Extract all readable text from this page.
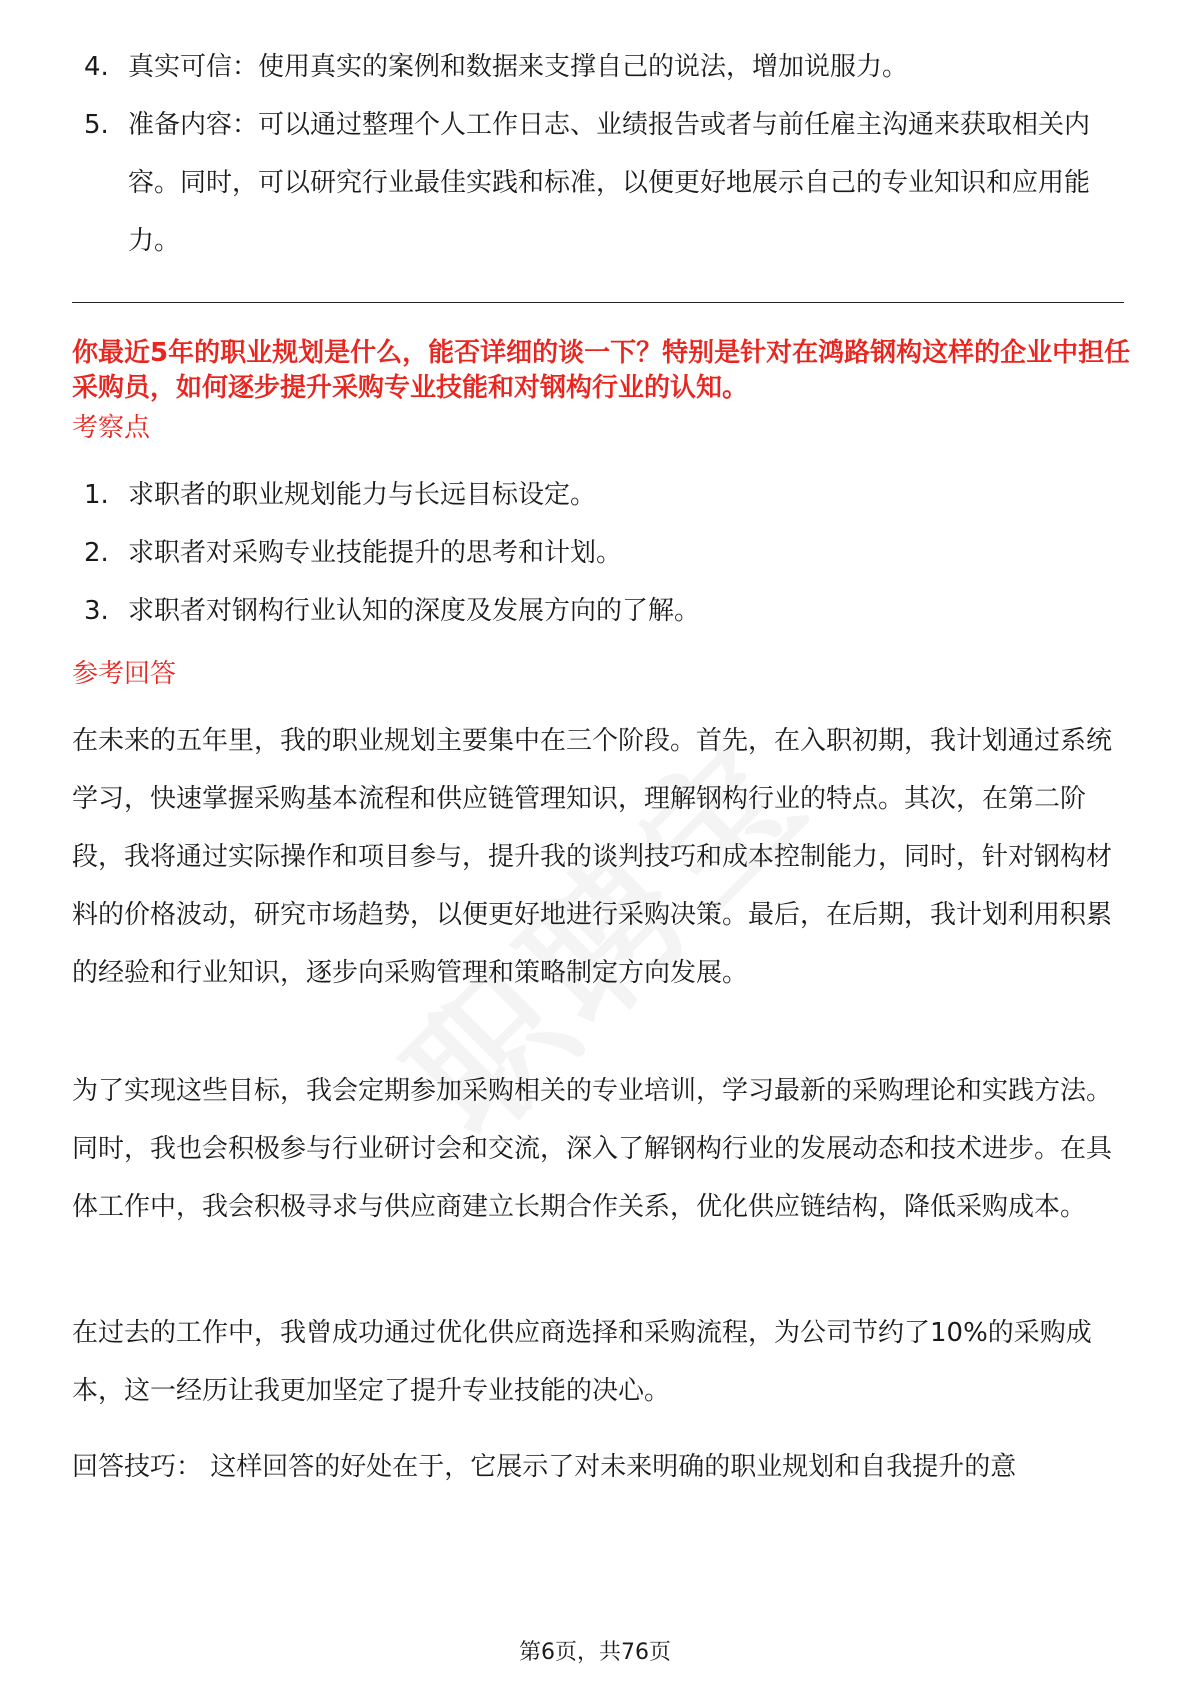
4. 真实可信：使用真实的案例和数据来支撑自己的说法，增加说服力。
5. 准备内容：可以通过整理个人工作日志、业绩报告或者与前任雇主沟通来获取相关内容。同时，可以研究行业最佳实践和标准，以便更好地展示自己的专业知识和应用能力。
你最近5年的职业规划是什么，能否详细的谈一下？特别是针对在鸿路钢构这样的企业中担任采购员，如何逐步提升采购专业技能和对钢构行业的认知。
考察点
1. 求职者的职业规划能力与长远目标设定。
2. 求职者对采购专业技能提升的思考和计划。
3. 求职者对钢构行业认知的深度及发展方向的了解。
参考回答
在未来的五年里，我的职业规划主要集中在三个阶段。首先，在入职初期，我计划通过系统学习，快速掌握采购基本流程和供应链管理知识，理解钢构行业的特点。其次，在第二阶段，我将通过实际操作和项目参与，提升我的谈判技巧和成本控制能力，同时，针对钢构材料的价格波动，研究市场趋势，以便更好地进行采购决策。最后，在后期，我计划利用积累的经验和行业知识，逐步向采购管理和策略制定方向发展。
为了实现这些目标，我会定期参加采购相关的专业培训，学习最新的采购理论和实践方法。同时，我也会积极参与行业研讨会和交流，深入了解钢构行业的发展动态和技术进步。在具体工作中，我会积极寻求与供应商建立长期合作关系，优化供应链结构，降低采购成本。
在过去的工作中，我曾成功通过优化供应商选择和采购流程，为公司节约了10%的采购成本，这一经历让我更加坚定了提升专业技能的决心。
回答技巧： 这样回答的好处在于，它展示了对未来明确的职业规划和自我提升的意
第6页，共76页
